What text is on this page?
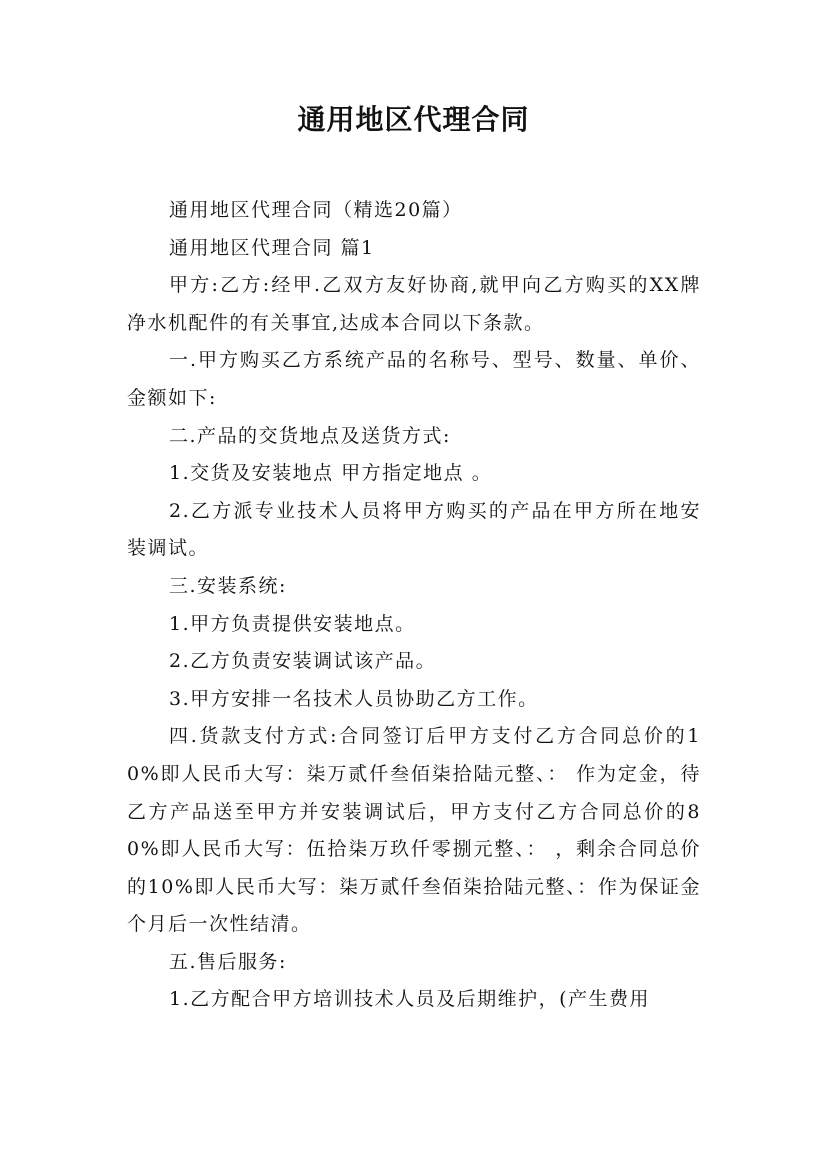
通用地区代理合同

通用地区代理合同（精选20篇）

通用地区代理合同 篇1

甲方:乙方:经甲.乙双方友好协商,就甲向乙方购买的XX牌净水机配件的有关事宜,达成本合同以下条款。

一.甲方购买乙方系统产品的名称号、型号、数量、单价、金额如下:

二.产品的交货地点及送货方式:

1.交货及安装地点 甲方指定地点 。

2.乙方派专业技术人员将甲方购买的产品在甲方所在地安装调试。

三.安装系统:

1.甲方负责提供安装地点。

2.乙方负责安装调试该产品。

3.甲方安排一名技术人员协助乙方工作。

四.货款支付方式:合同签订后甲方支付乙方合同总价的10%即人民币大写：柒万贰仟叁佰柒拾陆元整、： 作为定金，待乙方产品送至甲方并安装调试后，甲方支付乙方合同总价的80%即人民币大写：伍拾柒万玖仟零捌元整、： ，剩余合同总价的10%即人民币大写：柒万贰仟叁佰柒拾陆元整、：作为保证金 个月后一次性结清。

五.售后服务:

1.乙方配合甲方培训技术人员及后期维护，(产生费用
